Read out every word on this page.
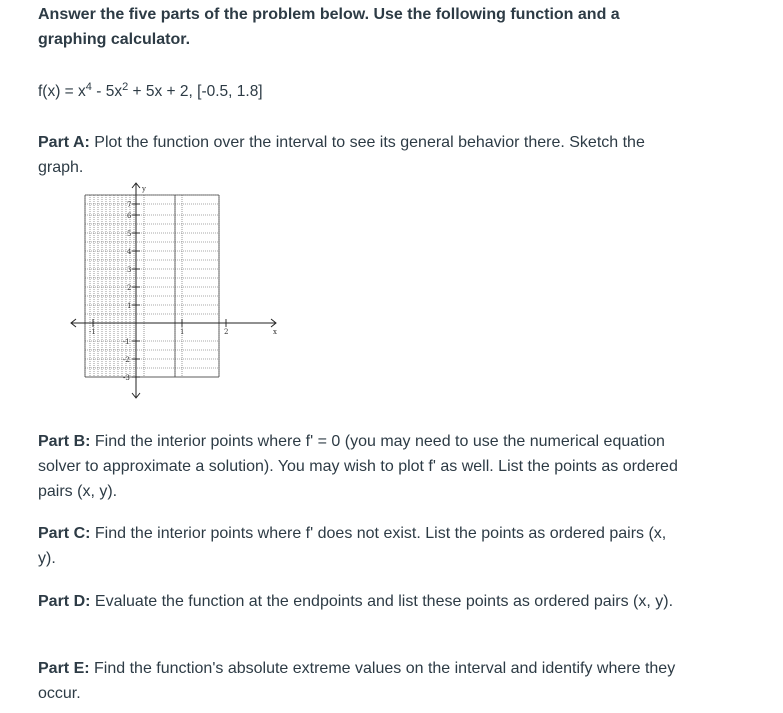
Answer the five parts of the problem below. Use the following function and a graphing calculator.

$f(x) = x^4 - 5x^2 + 5x + 2$, [-0.5, 1.8]

Part A: Plot the function over the interval to see its general behavior there. Sketch the graph.

y
x
7
6
5
4
3
2
1
-1
-2
-3
-1	1	2

Part B: Find the interior points where f' = 0 (you may need to use the numerical equation solver to approximate a solution). You may wish to plot f' as well. List the points as ordered pairs (x, y).

Part C: Find the interior points where f' does not exist. List the points as ordered pairs (x, y).

Part D: Evaluate the function at the endpoints and list these points as ordered pairs (x, y).

Part E: Find the function's absolute extreme values on the interval and identify where they occur.
